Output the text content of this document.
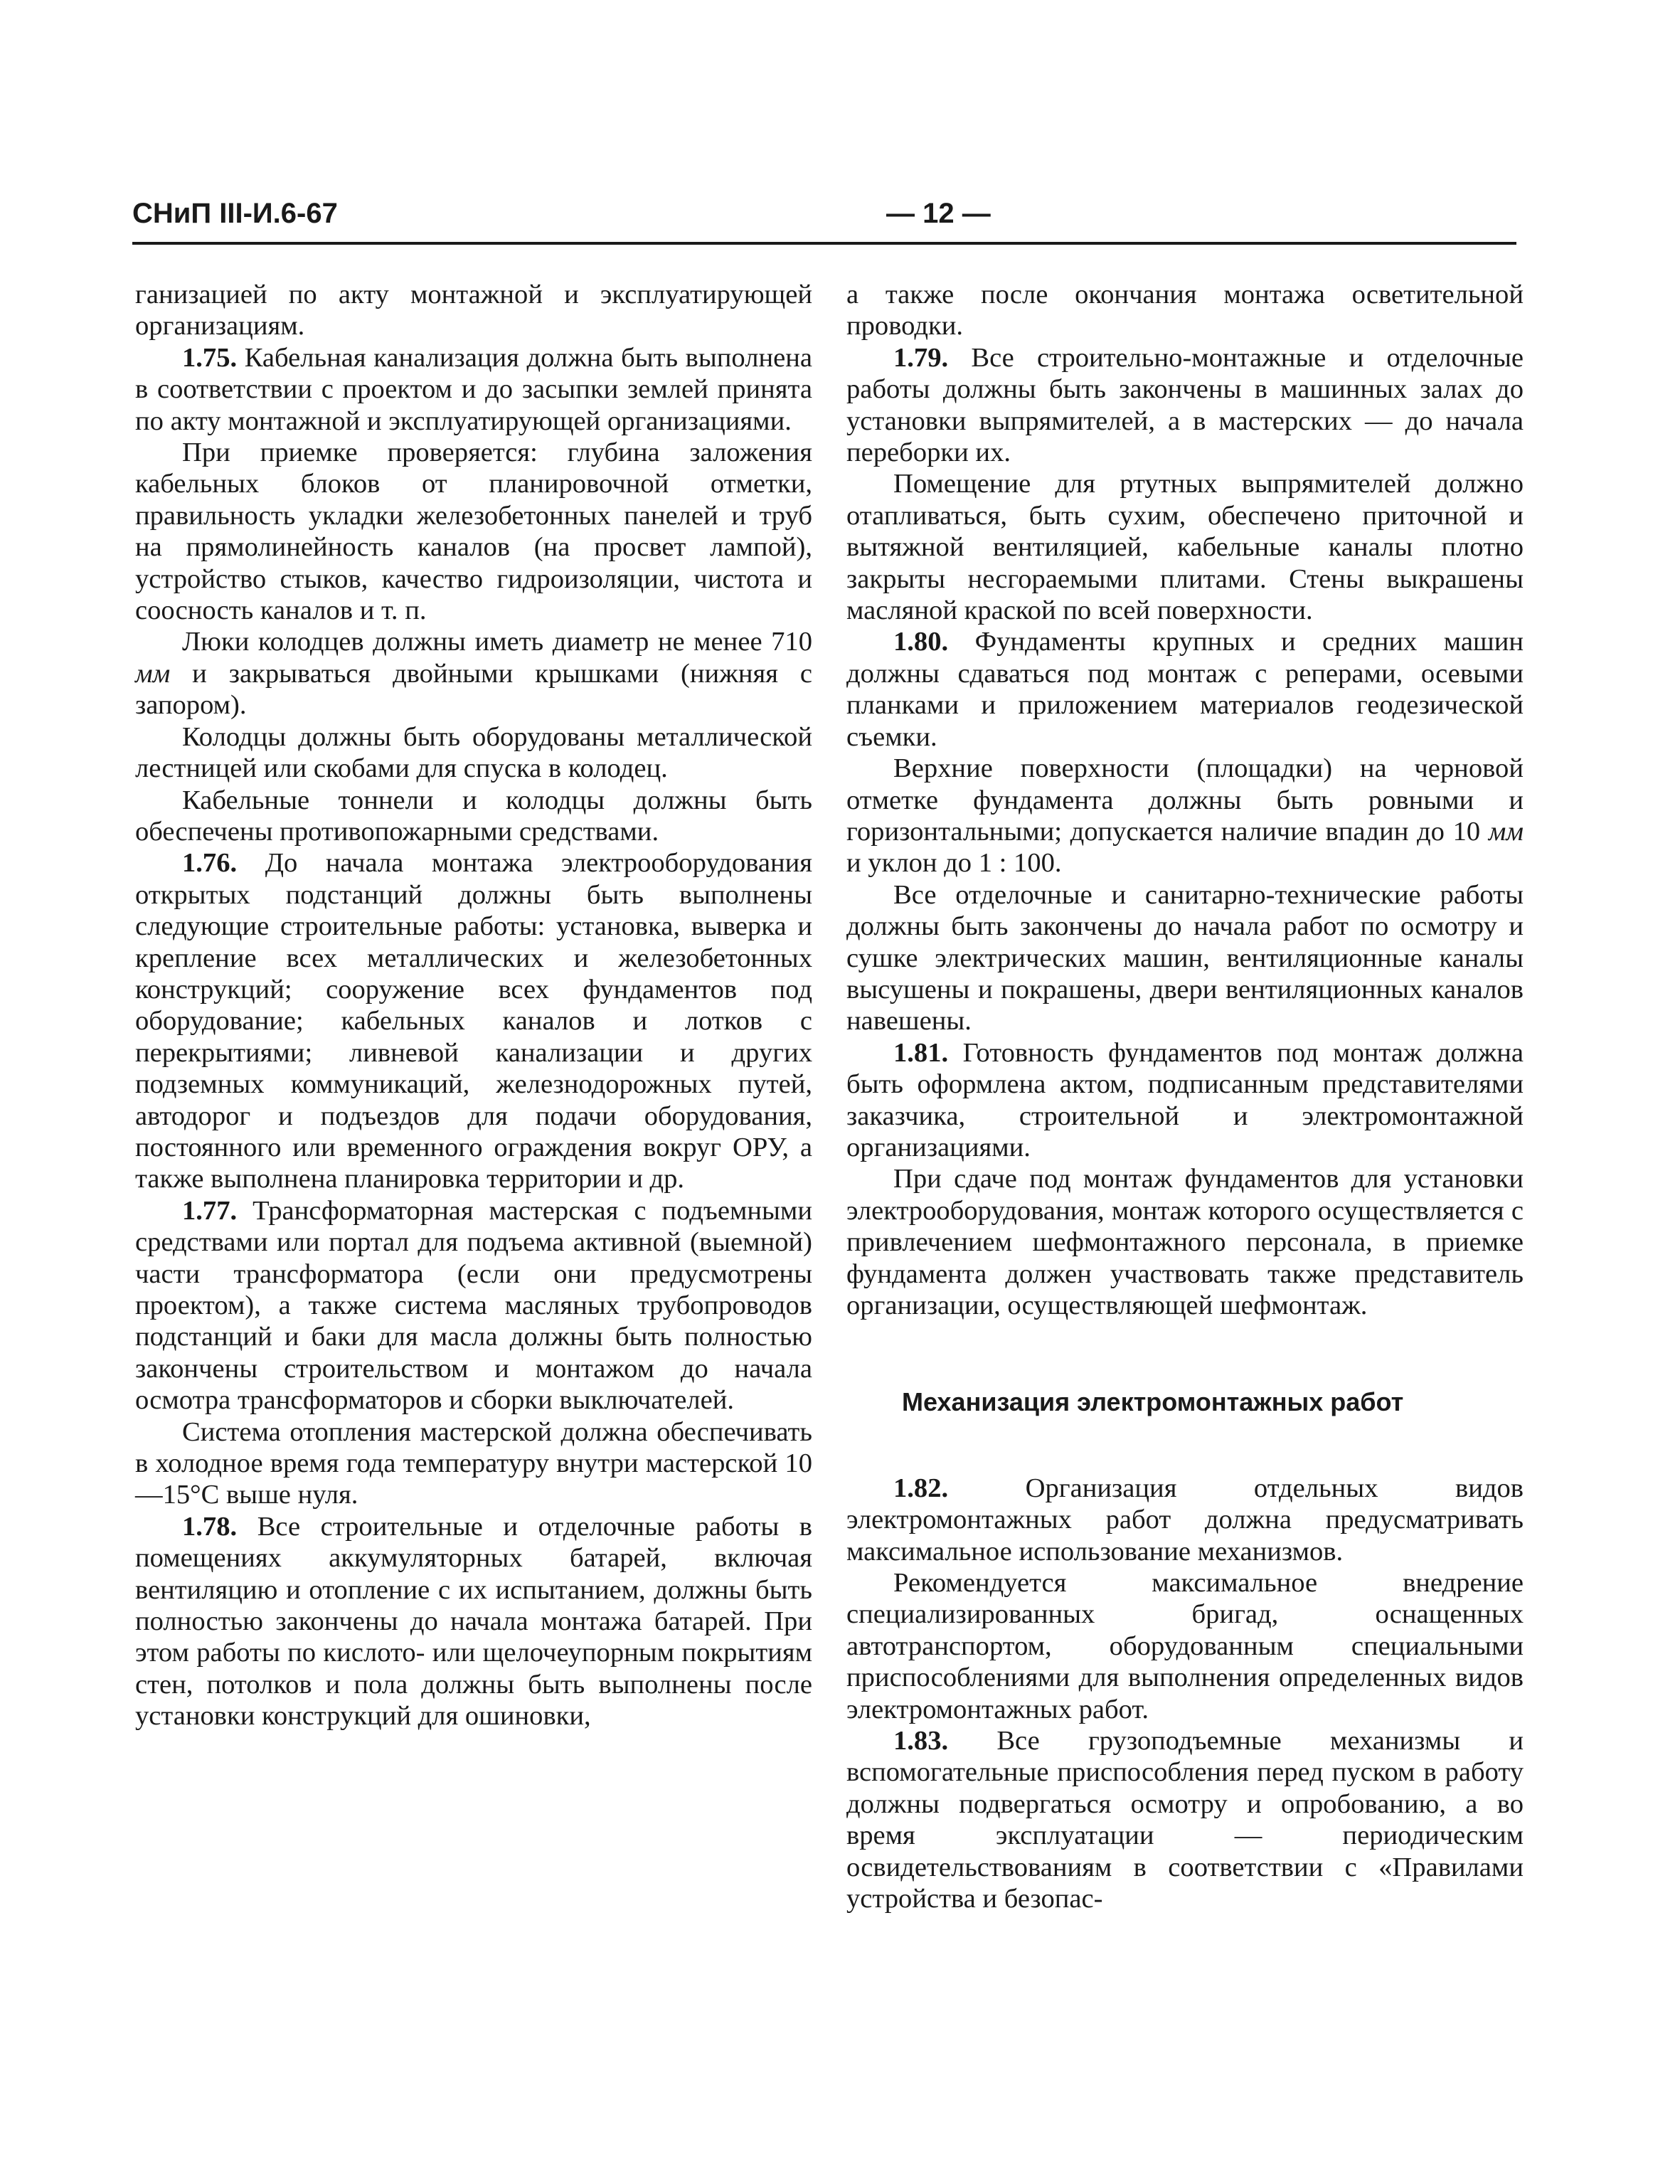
СНиП III-И.6-67	— 12 —

ганизацией по акту монтажной и эксплуатирующей организациям.

1.75. Кабельная канализация должна быть выполнена в соответствии с проектом и до засыпки землей принята по акту монтажной и эксплуатирующей организациями.

При приемке проверяется: глубина заложения кабельных блоков от планировочной отметки, правильность укладки железобетонных панелей и труб на прямолинейность каналов (на просвет лампой), устройство стыков, качество гидроизоляции, чистота и соосность каналов и т. п.

Люки колодцев должны иметь диаметр не менее 710 мм и закрываться двойными крышками (нижняя с запором).

Колодцы должны быть оборудованы металлической лестницей или скобами для спуска в колодец.

Кабельные тоннели и колодцы должны быть обеспечены противопожарными средствами.

1.76. До начала монтажа электрооборудования открытых подстанций должны быть выполнены следующие строительные работы: установка, выверка и крепление всех металлических и железобетонных конструкций; сооружение всех фундаментов под оборудование; кабельных каналов и лотков с перекрытиями; ливневой канализации и других подземных коммуникаций, железнодорожных путей, автодорог и подъездов для подачи оборудования, постоянного или временного ограждения вокруг ОРУ, а также выполнена планировка территории и др.

1.77. Трансформаторная мастерская с подъемными средствами или портал для подъема активной (выемной) части трансформатора (если они предусмотрены проектом), а также система масляных трубопроводов подстанций и баки для масла должны быть полностью закончены строительством и монтажом до начала осмотра трансформаторов и сборки выключателей.

Система отопления мастерской должна обеспечивать в холодное время года температуру внутри мастерской 10—15°С выше нуля.

1.78. Все строительные и отделочные работы в помещениях аккумуляторных батарей, включая вентиляцию и отопление с их испытанием, должны быть полностью закончены до начала монтажа батарей. При этом работы по кислото- или щелочеупорным покрытиям стен, потолков и пола должны быть выполнены после установки конструкций для ошиновки,

а также после окончания монтажа осветительной проводки.

1.79. Все строительно-монтажные и отделочные работы должны быть закончены в машинных залах до установки выпрямителей, а в мастерских — до начала переборки их.

Помещение для ртутных выпрямителей должно отапливаться, быть сухим, обеспечено приточной и вытяжной вентиляцией, кабельные каналы плотно закрыты несгораемыми плитами. Стены выкрашены масляной краской по всей поверхности.

1.80. Фундаменты крупных и средних машин должны сдаваться под монтаж с реперами, осевыми планками и приложением материалов геодезической съемки.

Верхние поверхности (площадки) на черновой отметке фундамента должны быть ровными и горизонтальными; допускается наличие впадин до 10 мм и уклон до 1 : 100.

Все отделочные и санитарно-технические работы должны быть закончены до начала работ по осмотру и сушке электрических машин, вентиляционные каналы высушены и покрашены, двери вентиляционных каналов навешены.

1.81. Готовность фундаментов под монтаж должна быть оформлена актом, подписанным представителями заказчика, строительной и электромонтажной организациями.

При сдаче под монтаж фундаментов для установки электрооборудования, монтаж которого осуществляется с привлечением шефмонтажного персонала, в приемке фундамента должен участвовать также представитель организации, осуществляющей шефмонтаж.

Механизация электромонтажных работ

1.82. Организация отдельных видов электромонтажных работ должна предусматривать максимальное использование механизмов.

Рекомендуется максимальное внедрение специализированных бригад, оснащенных автотранспортом, оборудованным специальными приспособлениями для выполнения определенных видов электромонтажных работ.

1.83. Все грузоподъемные механизмы и вспомогательные приспособления перед пуском в работу должны подвергаться осмотру и опробованию, а во время эксплуатации — периодическим освидетельствованиям в соответствии с «Правилами устройства и безопас-
